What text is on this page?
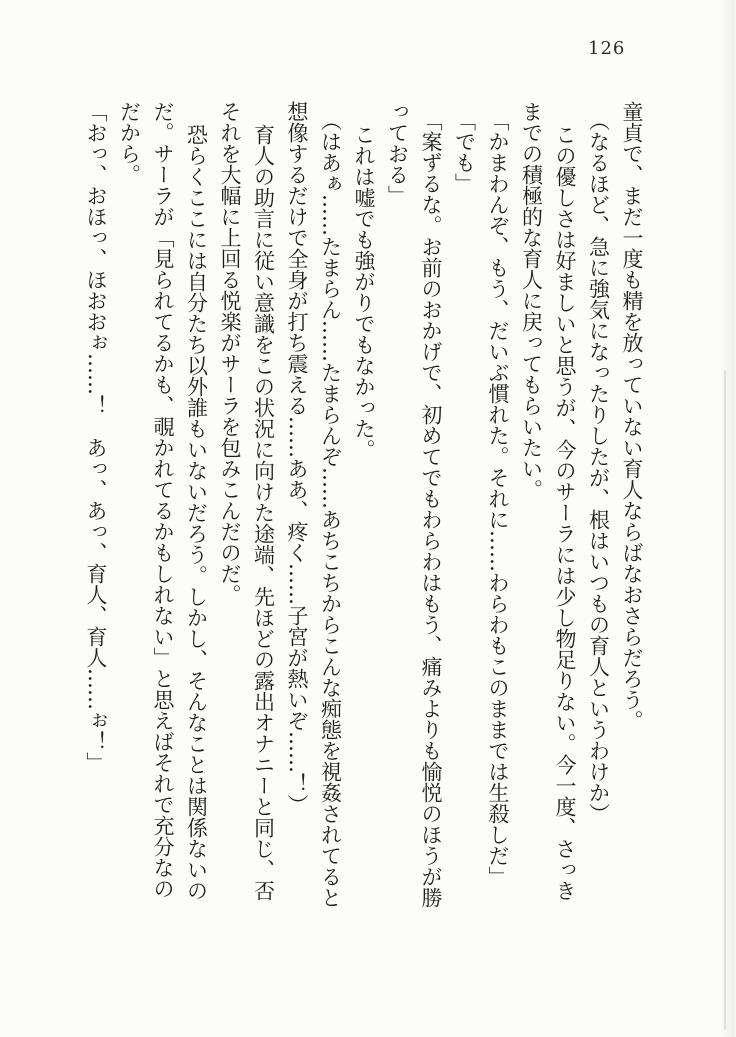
126
童貞で、まだ一度も精を放っていない育人ならばなおさらだろう。
（なるほど、急に強気になったりしたが、根はいつもの育人というわけか）
この優しさは好ましいと思うが、今のサーラには少し物足りない。今一度、さっき
までの積極的な育人に戻ってもらいたい。
「かまわんぞ、もう、だいぶ慣れた。それに……わらわもこのままでは生殺しだ」
「でも」
「案ずるな。お前のおかげで、初めてでもわらわはもう、痛みよりも愉悦のほうが勝
っておる」
これは嘘でも強がりでもなかった。
（はあぁ……たまらん……たまらんぞ……あちこちからこんな痴態を視姦されてると
想像するだけで全身が打ち震える……ああ、疼く……子宮が熱いぞ……！）
育人の助言に従い意識をこの状況に向けた途端、先ほどの露出オナニーと同じ、否
それを大幅に上回る悦楽がサーラを包みこんだのだ。
恐らくここには自分たち以外誰もいないだろう。しかし、そんなことは関係ないの
だ。サーラが「見られてるかも、覗かれてるかもしれない」と思えばそれで充分なの
だから。
「おっ、おほっ、ほおおぉ……！　あっ、あっ、育人、育人……ぉ！」
